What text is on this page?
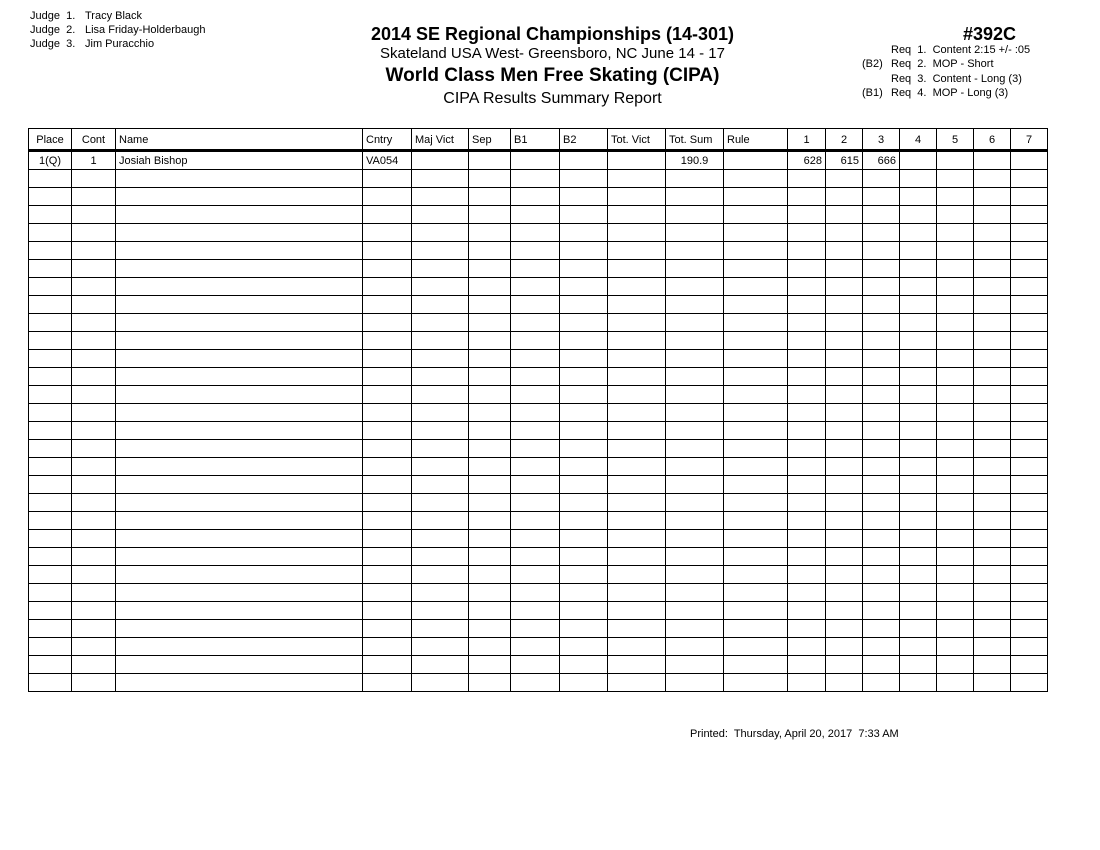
Judge  1. Tracy Black
Judge  2. Lisa Friday-Holderbaugh
Judge  3. Jim Puracchio	2014 SE Regional Championships (14-301)
Skateland USA West- Greensboro, NC June 14 - 17
World Class Men Free Skating (CIPA)
CIPA Results Summary Report
#392C
Req  1.  Content 2:15 +/- :05
(B2) Req  2.  MOP - Short
Req  3.  Content - Long (3)
(B1) Req  4.  MOP - Long (3)
Place	Cont	Name	Cntry	Maj Vict	Sep	B1	B2	Tot. Vict	Tot. Sum	Rule	1	2	3	4	5	6	7
1(Q)	1	Josiah Bishop	VA054						190.9		628	615	666				

Printed:  Thursday, April 20, 2017  7:33 AM
